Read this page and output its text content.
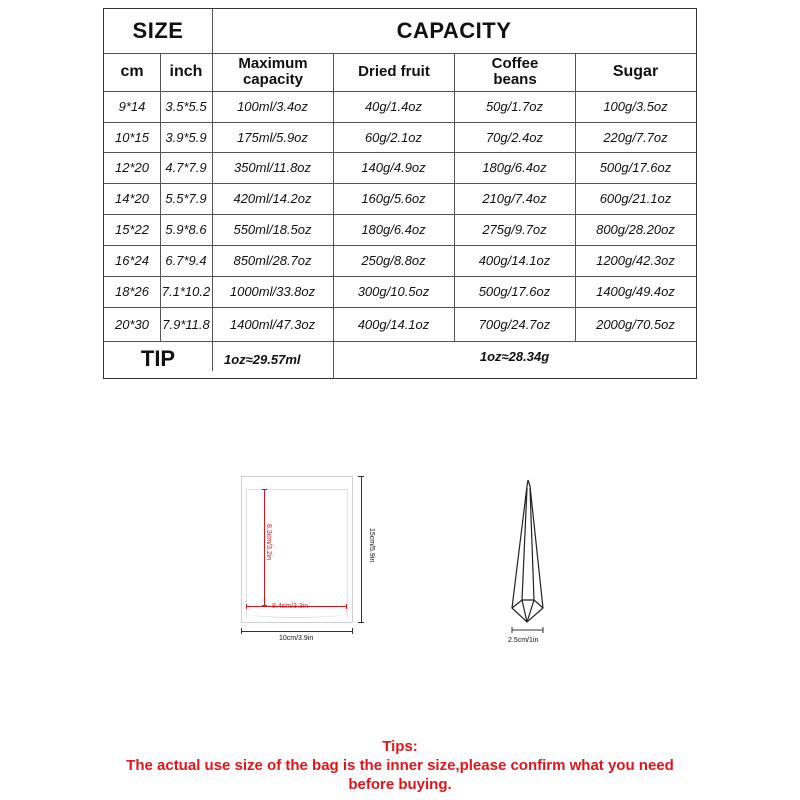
SIZE	CAPACITY
cm	inch	Maximum capacity	Dried fruit	Coffee beans	Sugar
9*14	3.5*5.5	100ml/3.4oz	40g/1.4oz	50g/1.7oz	100g/3.5oz
10*15	3.9*5.9	175ml/5.9oz	60g/2.1oz	70g/2.4oz	220g/7.7oz
12*20	4.7*7.9	350ml/11.8oz	140g/4.9oz	180g/6.4oz	500g/17.6oz
14*20	5.5*7.9	420ml/14.2oz	160g/5.6oz	210g/7.4oz	600g/21.1oz
15*22	5.9*8.6	550ml/18.5oz	180g/6.4oz	275g/9.7oz	800g/28.20oz
16*24	6.7*9.4	850ml/28.7oz	250g/8.8oz	400g/14.1oz	1200g/42.3oz
18*26 7.1*10.2	1000ml/33.8oz	300g/10.5oz	500g/17.6oz	1400g/49.4oz
20*30	7.9*11.8	1400ml/47.3oz	400g/14.1oz	700g/24.7oz	2000g/70.5oz
TIP	1oz≈29.57ml	1oz≈28.34g
8.3cm/3.2in
8.4cm/3.3in
15cm/5.9in
10cm/3.9in	2.5cm/1in
Tips:
The actual use size of the bag is the inner size,please confirm what you need
before buying.
